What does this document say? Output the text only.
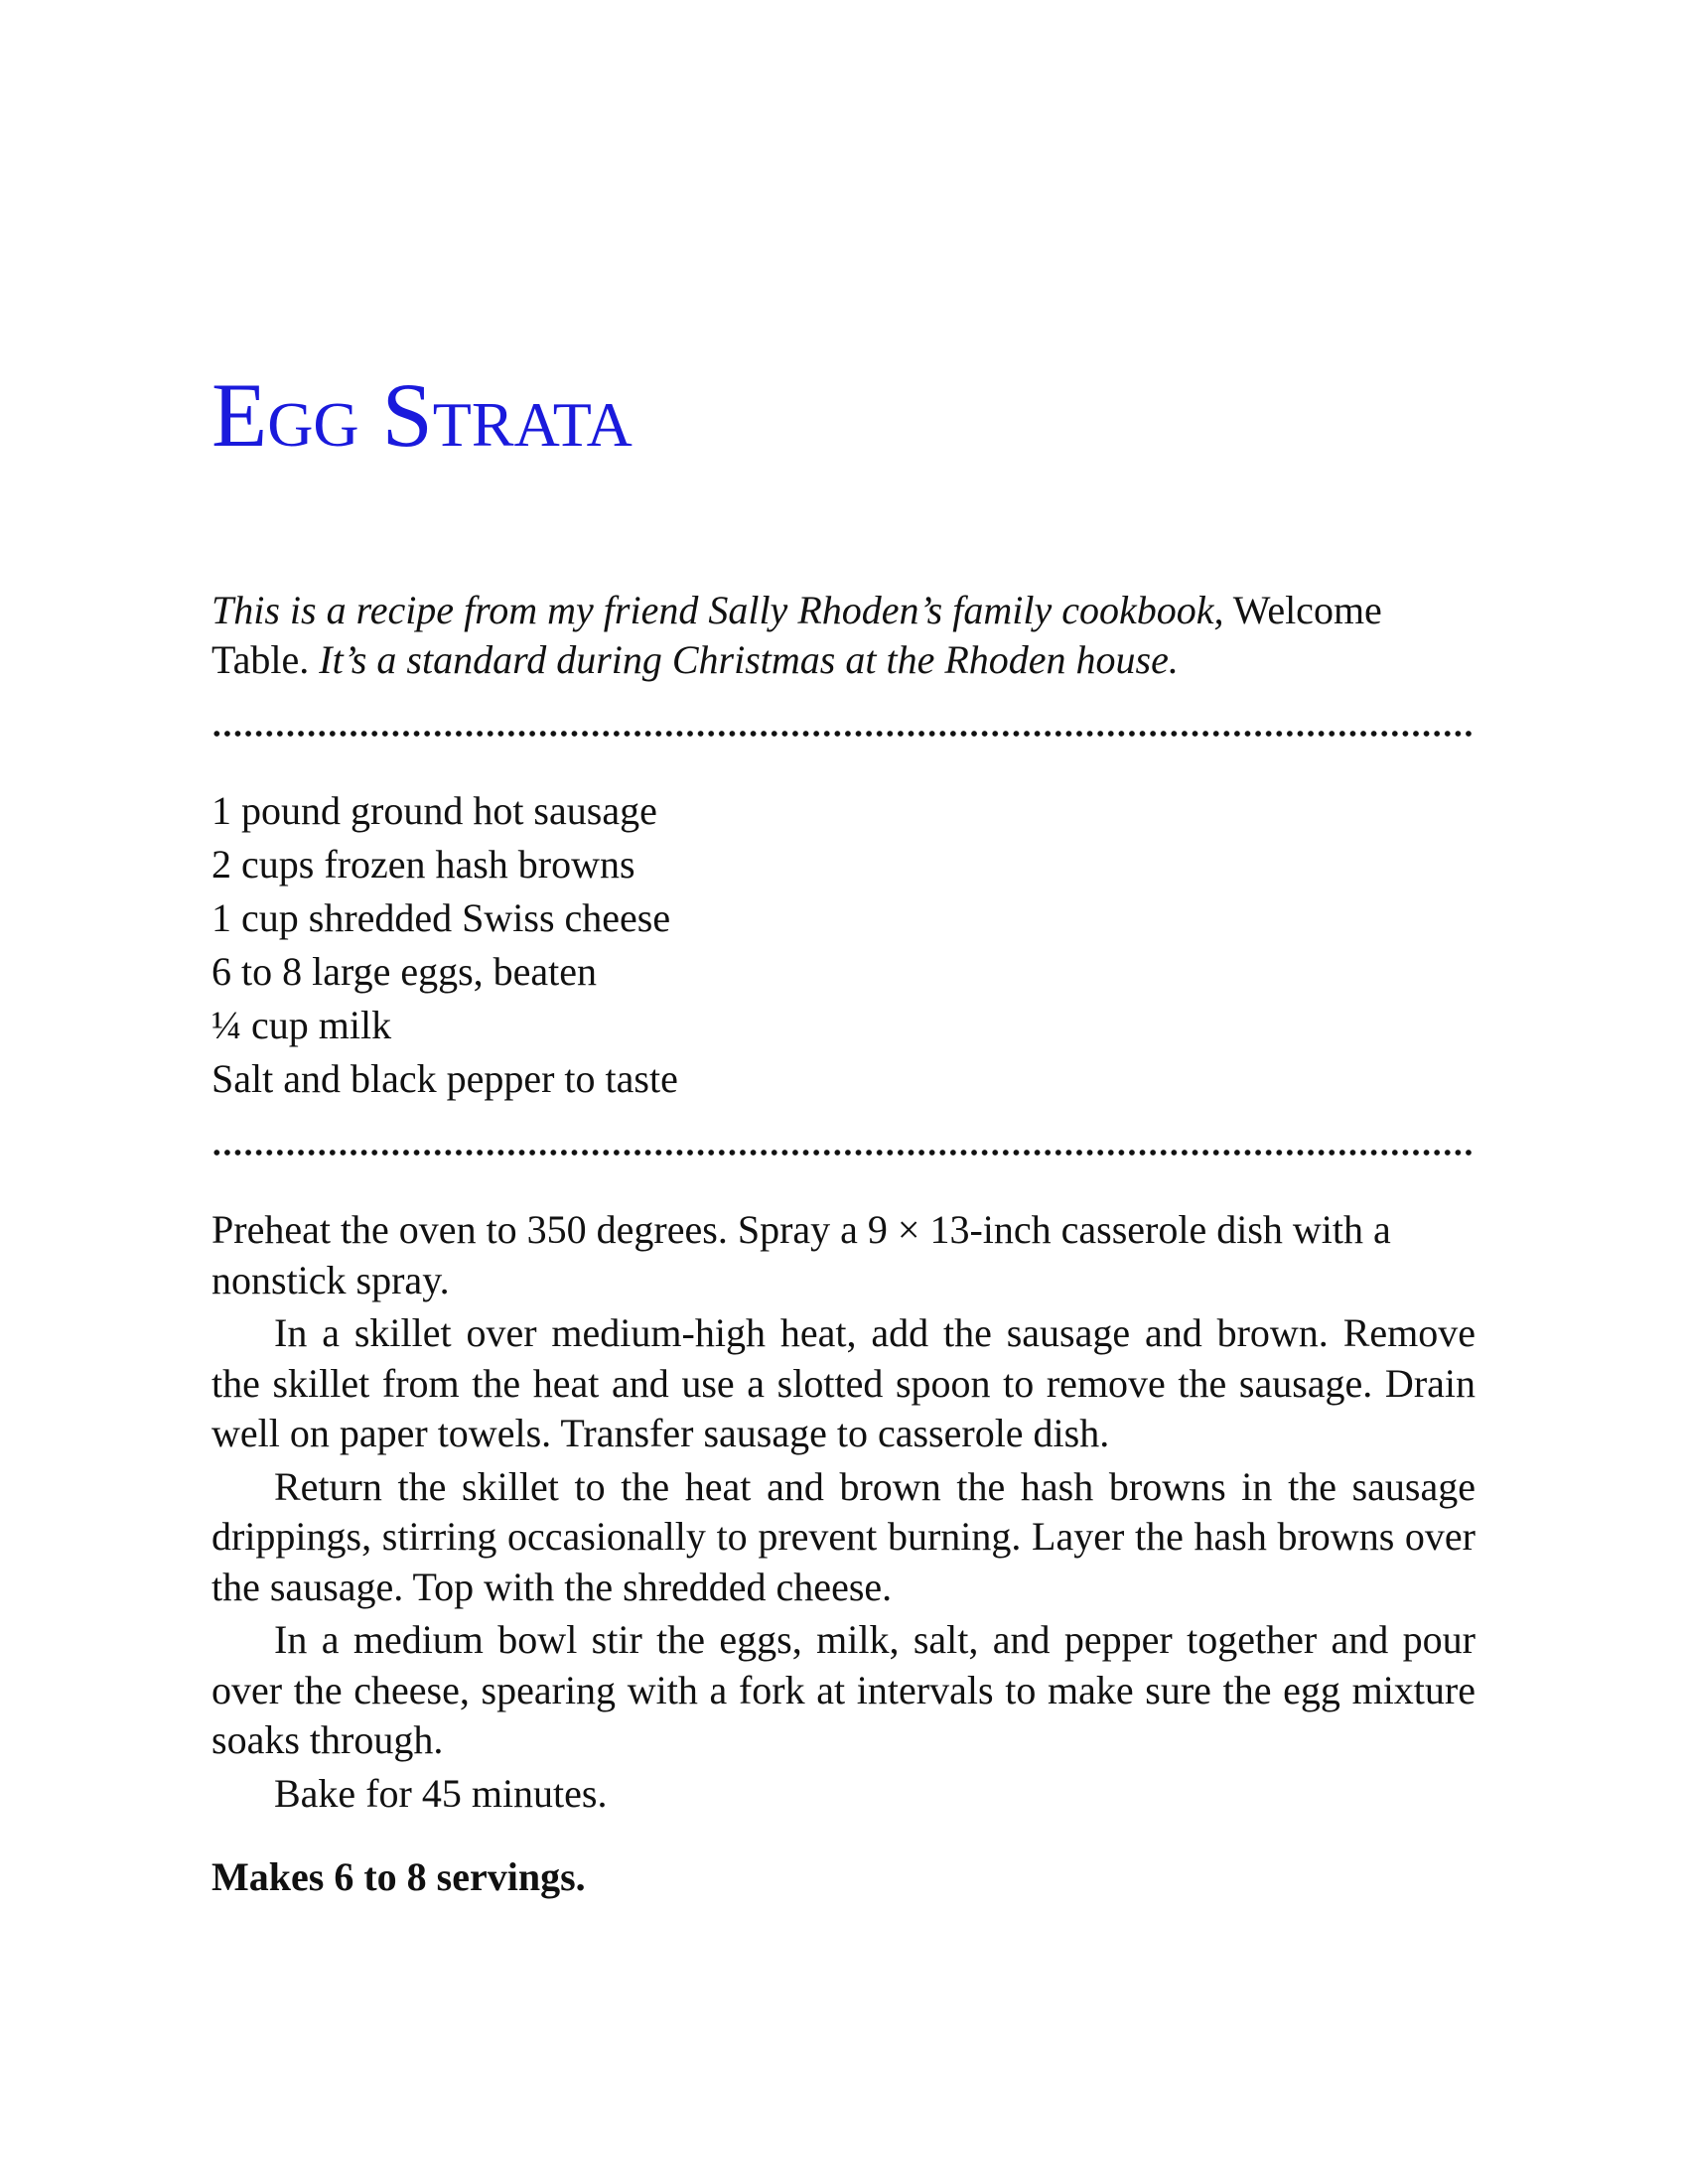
Egg Strata

This is a recipe from my friend Sally Rhoden’s family cookbook, Welcome Table. It’s a standard during Christmas at the Rhoden house.

1 pound ground hot sausage
2 cups frozen hash browns
1 cup shredded Swiss cheese
6 to 8 large eggs, beaten
¼ cup milk
Salt and black pepper to taste

Preheat the oven to 350 degrees. Spray a 9 × 13-inch casserole dish with a nonstick spray.

In a skillet over medium-high heat, add the sausage and brown. Remove the skillet from the heat and use a slotted spoon to remove the sausage. Drain well on paper towels. Transfer sausage to casserole dish.

Return the skillet to the heat and brown the hash browns in the sausage drippings, stirring occasionally to prevent burning. Layer the hash browns over the sausage. Top with the shredded cheese.

In a medium bowl stir the eggs, milk, salt, and pepper together and pour over the cheese, spearing with a fork at intervals to make sure the egg mixture soaks through.

Bake for 45 minutes.

Makes 6 to 8 servings.
